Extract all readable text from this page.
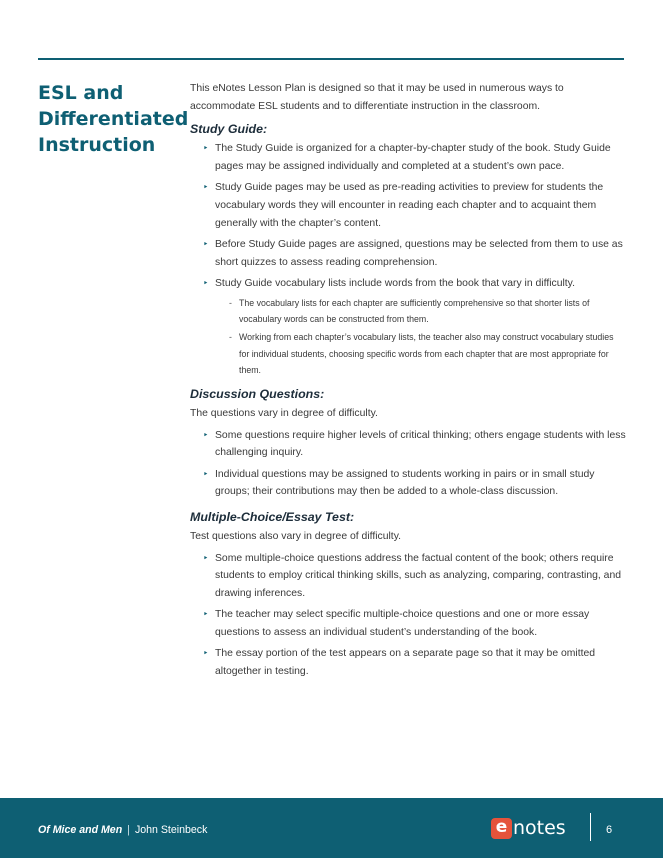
ESL and
Differentiated
Instruction

This eNotes Lesson Plan is designed so that it may be used in numerous ways to accommodate ESL students and to differentiate instruction in the classroom.

Study Guide:
‣ The Study Guide is organized for a chapter-by-chapter study of the book. Study Guide pages may be assigned individually and completed at a student’s own pace.
‣ Study Guide pages may be used as pre-reading activities to preview for students the vocabulary words they will encounter in reading each chapter and to acquaint them generally with the chapter’s content.
‣ Before Study Guide pages are assigned, questions may be selected from them to use as short quizzes to assess reading comprehension.
‣ Study Guide vocabulary lists include words from the book that vary in difficulty.
- The vocabulary lists for each chapter are sufficiently comprehensive so that shorter lists of vocabulary words can be constructed from them.
- Working from each chapter’s vocabulary lists, the teacher also may construct vocabulary studies for individual students, choosing specific words from each chapter that are most appropriate for them.
Discussion Questions:

The questions vary in degree of difficulty.

‣ Some questions require higher levels of critical thinking; others engage students with less challenging inquiry.
‣ Individual questions may be assigned to students working in pairs or in small study groups; their contributions may then be added to a whole-class discussion.
Multiple-Choice/Essay Test:

Test questions also vary in degree of difficulty.

‣ Some multiple-choice questions address the factual content of the book; others require students to employ critical thinking skills, such as analyzing, comparing, contrasting, and drawing inferences.
‣ The teacher may select specific multiple-choice questions and one or more essay questions to assess an individual student’s understanding of the book.
‣ The essay portion of the test appears on a separate page so that it may be omitted altogether in testing.
Of Mice and Men | John Steinbeck	e notes	6
